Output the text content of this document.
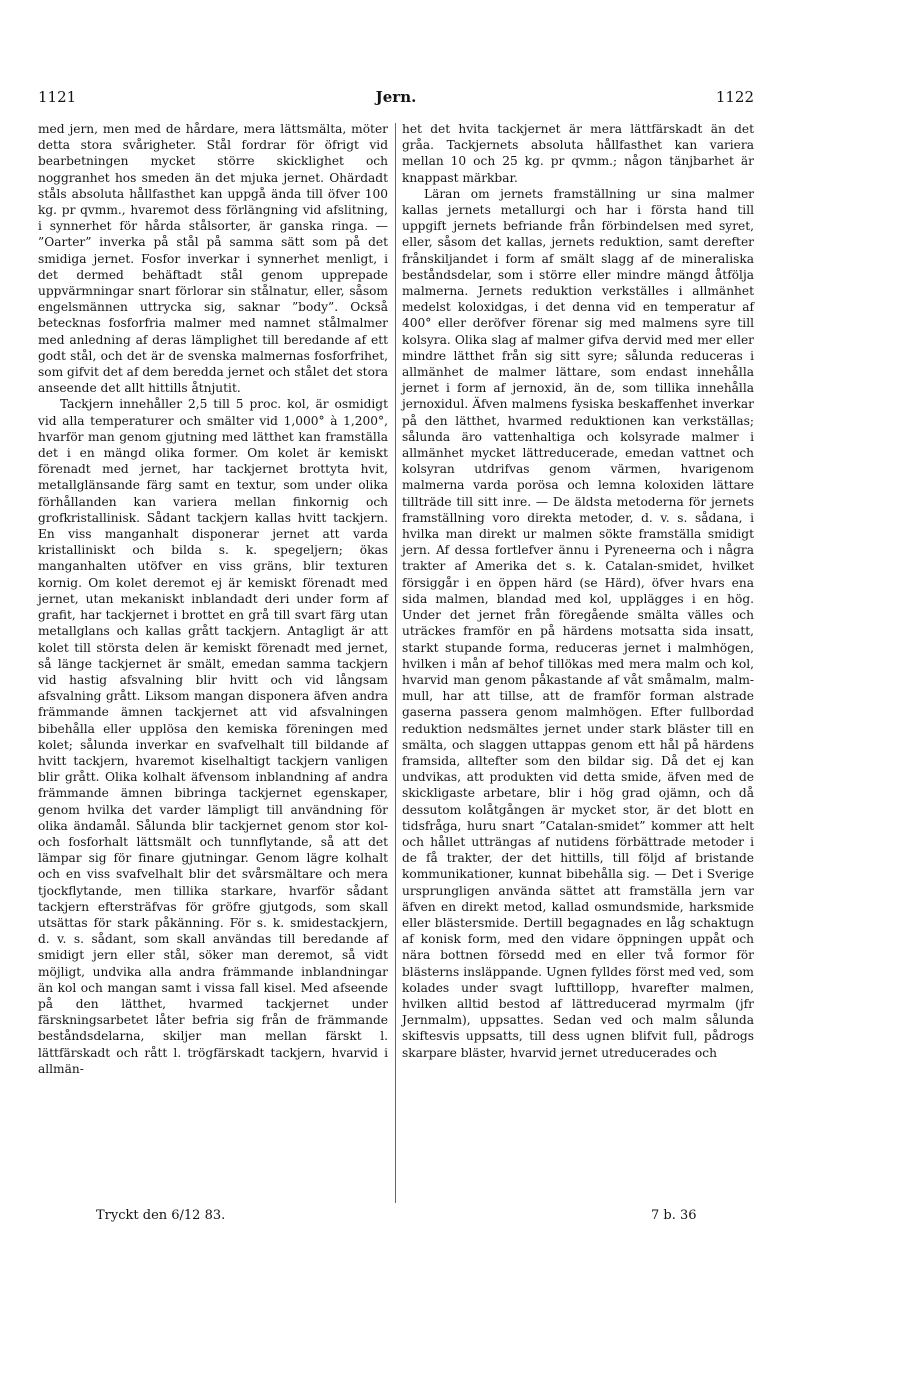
1121	Jern.	1122

med jern, men med de hårdare, mera lättsmälta, möter detta stora svårigheter. Stål fordrar för öfrigt vid bearbetningen mycket större skicklighet och noggranhet hos smeden än det mjuka jernet. Ohärdadt ståls absoluta hållfasthet kan uppgå ända till öfver 100 kg. pr qvmm., hvaremot dess förlängning vid afslitning, i synnerhet för hårda stålsorter, är ganska ringa. — ”Oarter” inverka på stål på samma sätt som på det smidiga jernet. Fosfor inverkar i synnerhet menligt, i det dermed behäftadt stål genom upprepade uppvärmningar snart förlorar sin stålnatur, eller, såsom engelsmännen uttrycka sig, saknar ”body”. Också betecknas fosforfria malmer med namnet stålmalmer med anledning af deras lämplighet till beredande af ett godt stål, och det är de svenska malmernas fosforfrihet, som gifvit det af dem beredda jernet och stålet det stora anseende det allt hittills åtnjutit.

Tackjern innehåller 2,5 till 5 proc. kol, är osmidigt vid alla temperaturer och smälter vid 1,000° à 1,200°, hvarför man genom gjutning med lätthet kan framställa det i en mängd olika former. Om kolet är kemiskt förenadt med jernet, har tackjernet brottyta hvit, metallglänsande färg samt en textur, som under olika förhållanden kan variera mellan finkornig och grofkristallinisk. Sådant tackjern kallas hvitt tackjern. En viss manganhalt disponerar jernet att varda kristalliniskt och bilda s. k. spegeljern; ökas manganhalten utöfver en viss gräns, blir texturen kornig. Om kolet deremot ej är kemiskt förenadt med jernet, utan mekaniskt inblandadt deri under form af grafit, har tackjernet i brottet en grå till svart färg utan metallglans och kallas grått tackjern. Antagligt är att kolet till största delen är kemiskt förenadt med jernet, så länge tackjernet är smält, emedan samma tackjern vid hastig afsvalning blir hvitt och vid långsam afsvalning grått. Liksom mangan disponera äfven andra främmande ämnen tackjernet att vid afsvalningen bibehålla eller upplösa den kemiska föreningen med kolet; sålunda inverkar en svafvelhalt till bildande af hvitt tackjern, hvaremot kiselhaltigt tackjern vanligen blir grått. Olika kolhalt äfvensom inblandning af andra främmande ämnen bibringa tackjernet egenskaper, genom hvilka det varder lämpligt till användning för olika ändamål. Sålunda blir tackjernet genom stor kol- och fosforhalt lättsmält och tunnflytande, så att det lämpar sig för finare gjutningar. Genom lägre kolhalt och en viss svafvelhalt blir det svårsmältare och mera tjockflytande, men tillika starkare, hvarför sådant tackjern eftersträfvas för gröfre gjutgods, som skall utsättas för stark påkänning. För s. k. smidestackjern, d. v. s. sådant, som skall användas till beredande af smidigt jern eller stål, söker man deremot, så vidt möjligt, undvika alla andra främmande inblandningar än kol och mangan samt i vissa fall kisel. Med afseende på den lätthet, hvarmed tackjernet under färskningsarbetet låter befria sig från de främmande beståndsdelarna, skiljer man mellan färskt l. lättfärskadt och rått l. trögfärskadt tackjern, hvarvid i allmän-

het det hvita tackjernet är mera lättfärskadt än det gråa. Tackjernets absoluta hållfasthet kan variera mellan 10 och 25 kg. pr qvmm.; någon tänjbarhet är knappast märkbar.

Läran om jernets framställning ur sina malmer kallas jernets metallurgi och har i första hand till uppgift jernets befriande från förbindelsen med syret, eller, såsom det kallas, jernets reduktion, samt derefter frånskiljandet i form af smält slagg af de mineraliska beståndsdelar, som i större eller mindre mängd åtfölja malmerna. Jernets reduktion verkställes i allmänhet medelst koloxidgas, i det denna vid en temperatur af 400° eller deröfver förenar sig med malmens syre till kolsyra. Olika slag af malmer gifva dervid med mer eller mindre lätthet från sig sitt syre; sålunda reduceras i allmänhet de malmer lättare, som endast innehålla jernet i form af jernoxid, än de, som tillika innehålla jernoxidul. Äfven malmens fysiska beskaffenhet inverkar på den lätthet, hvarmed reduktionen kan verkställas; sålunda äro vattenhaltiga och kolsyrade malmer i allmänhet mycket lättreducerade, emedan vattnet och kolsyran utdrifvas genom värmen, hvarigenom malmerna varda porösa och lemna koloxiden lättare tillträde till sitt inre. — De äldsta metoderna för jernets framställning voro direkta metoder, d. v. s. sådana, i hvilka man direkt ur malmen sökte framställa smidigt jern. Af dessa fortlefver ännu i Pyreneerna och i några trakter af Amerika det s. k. Catalan-smidet, hvilket försiggår i en öppen härd (se Härd), öfver hvars ena sida malmen, blandad med kol, upplägges i en hög. Under det jernet från föregående smälta välles och uträckes framför en på härdens motsatta sida insatt, starkt stupande forma, reduceras jernet i malmhögen, hvilken i mån af behof tillökas med mera malm och kol, hvarvid man genom påkastande af våt småmalm, malm-mull, har att tillse, att de framför forman alstrade gaserna passera genom malmhögen. Efter fullbordad reduktion nedsmältes jernet under stark bläster till en smälta, och slaggen uttappas genom ett hål på härdens framsida, alltefter som den bildar sig. Då det ej kan undvikas, att produkten vid detta smide, äfven med de skickligaste arbetare, blir i hög grad ojämn, och då dessutom kolåtgången är mycket stor, är det blott en tidsfråga, huru snart ”Catalan-smidet” kommer att helt och hållet utträngas af nutidens förbättrade metoder i de få trakter, der det hittills, till följd af bristande kommunikationer, kunnat bibehålla sig. — Det i Sverige ursprungligen använda sättet att framställa jern var äfven en direkt metod, kallad osmundsmide, harksmide eller blästersmide. Dertill begagnades en låg schaktugn af konisk form, med den vidare öppningen uppåt och nära bottnen försedd med en eller två formor för blästerns insläppande. Ugnen fylldes först med ved, som kolades under svagt lufttillopp, hvarefter malmen, hvilken alltid bestod af lättreducerad myrmalm (jfr Jernmalm), uppsattes. Sedan ved och malm sålunda skiftesvis uppsatts, till dess ugnen blifvit full, pådrogs skarpare bläster, hvarvid jernet utreducerades och

Tryckt den 6/12 83.	7 b. 36
